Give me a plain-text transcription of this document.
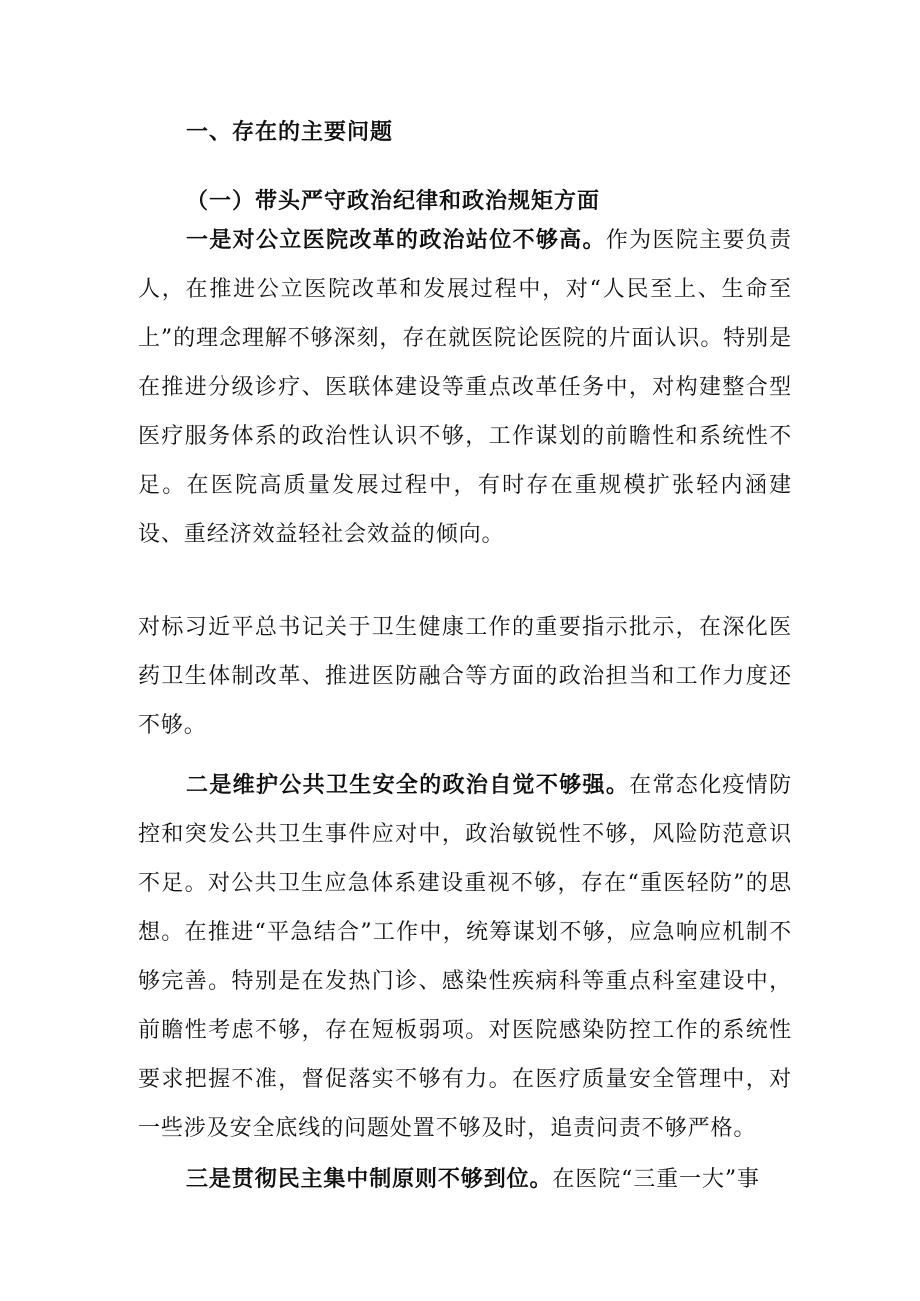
一、存在的主要问题
（一）带头严守政治纪律和政治规矩方面

一是对公立医院改革的政治站位不够高。作为医院主要负责人，在推进公立医院改革和发展过程中，对“人民至上、生命至上”的理念理解不够深刻，存在就医院论医院的片面认识。特别是在推进分级诊疗、医联体建设等重点改革任务中，对构建整合型医疗服务体系的政治性认识不够，工作谋划的前瞻性和系统性不足。在医院高质量发展过程中，有时存在重规模扩张轻内涵建设、重经济效益轻社会效益的倾向。

对标习近平总书记关于卫生健康工作的重要指示批示，在深化医药卫生体制改革、推进医防融合等方面的政治担当和工作力度还不够。

二是维护公共卫生安全的政治自觉不够强。在常态化疫情防控和突发公共卫生事件应对中，政治敏锐性不够，风险防范意识不足。对公共卫生应急体系建设重视不够，存在“重医轻防”的思想。在推进“平急结合”工作中，统筹谋划不够，应急响应机制不够完善。特别是在发热门诊、感染性疾病科等重点科室建设中，前瞻性考虑不够，存在短板弱项。对医院感染防控工作的系统性要求把握不准，督促落实不够有力。在医疗质量安全管理中，对一些涉及安全底线的问题处置不够及时，追责问责不够严格。

三是贯彻民主集中制原则不够到位。在医院“三重一大”事
